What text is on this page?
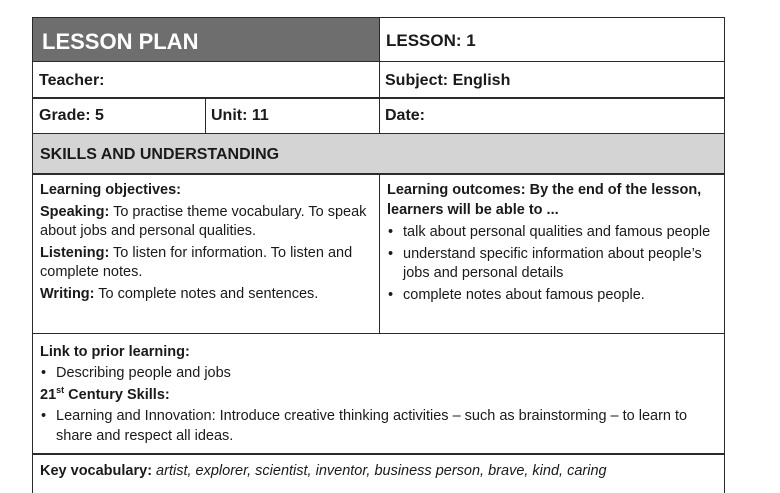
LESSON PLAN	LESSON: 1
Teacher:	Subject: English
Grade: 5	Unit: 11	Date:
SKILLS AND UNDERSTANDING
Learning objectives:
Speaking: To practise theme vocabulary. To speak about jobs and personal qualities.
Listening: To listen for information. To listen and complete notes.
Writing: To complete notes and sentences.
Learning outcomes: By the end of the lesson, learners will be able to ...
• talk about personal qualities and famous people
• understand specific information about people’s jobs and personal details
• complete notes about famous people.
Link to prior learning:
• Describing people and jobs
21st Century Skills:
• Learning and Innovation: Introduce creative thinking activities – such as brainstorming – to learn to share and respect all ideas.
Key vocabulary: artist, explorer, scientist, inventor, business person, brave, kind, caring
